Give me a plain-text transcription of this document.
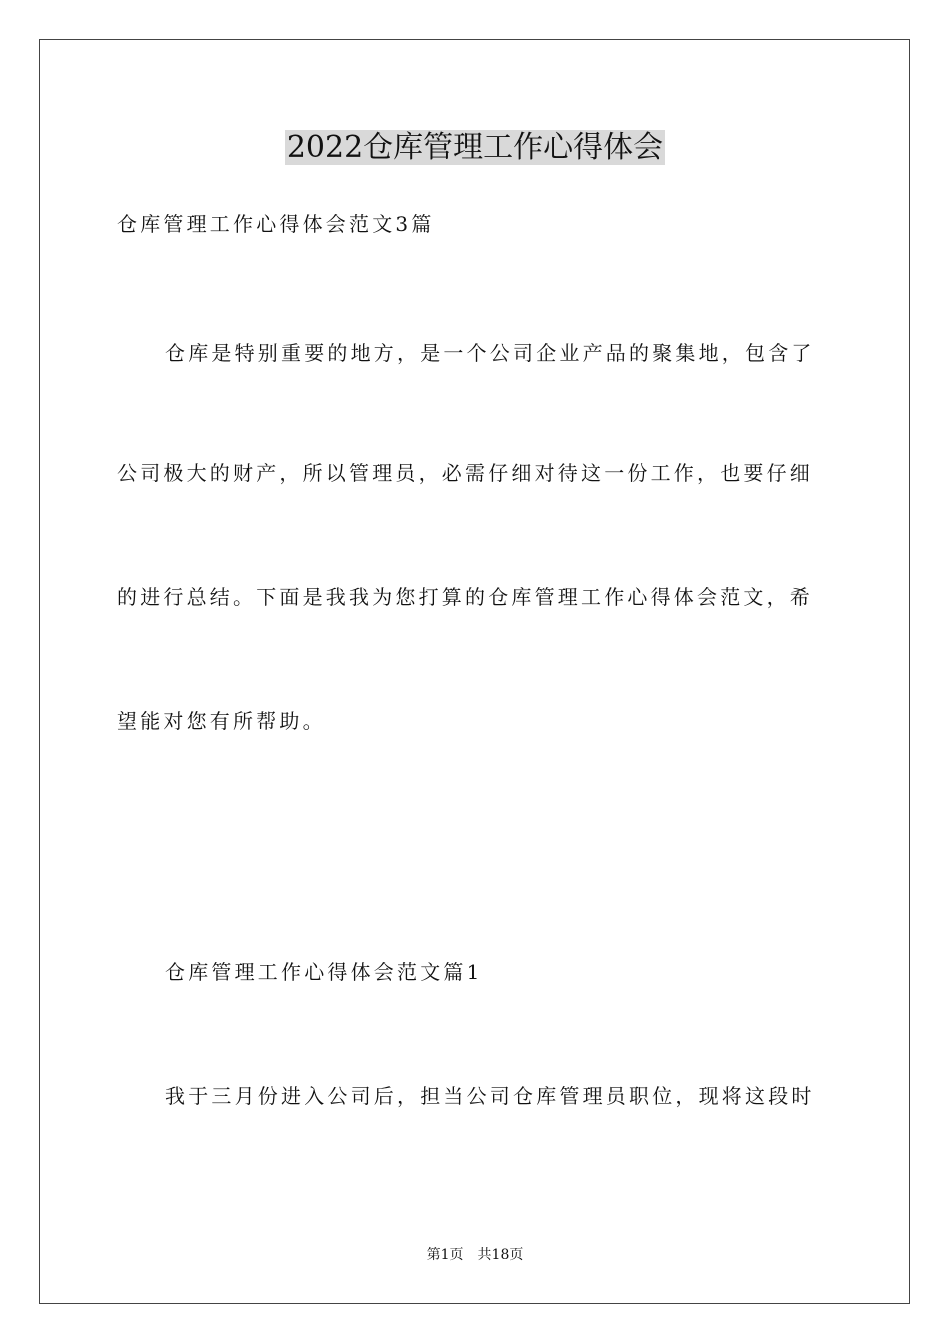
2022仓库管理工作心得体会
仓库管理工作心得体会范文3篇
仓库是特别重要的地方，是一个公司企业产品的聚集地，包含了
公司极大的财产，所以管理员，必需仔细对待这一份工作，也要仔细
的进行总结。下面是我我为您打算的仓库管理工作心得体会范文，希
望能对您有所帮助。
仓库管理工作心得体会范文篇1
我于三月份进入公司后，担当公司仓库管理员职位，现将这段时
第1页 共18页
